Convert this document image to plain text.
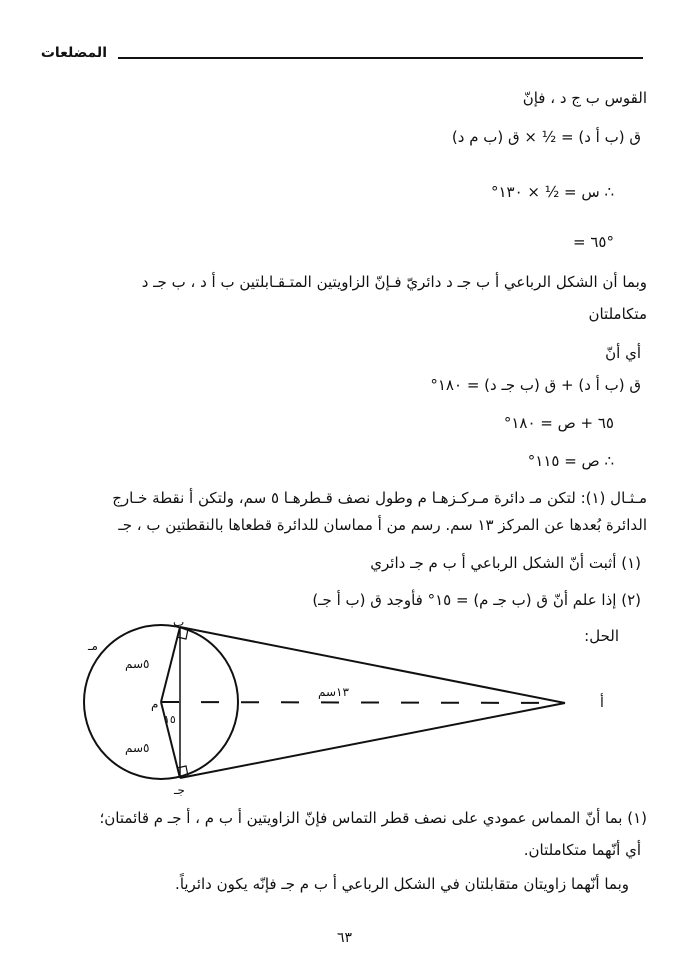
المضلعات
القوس ب ج د ، فإنّ
ق (ب أ د) = ½ × ق (ب م د)
∴ س = ½ × ١٣٠°
= ٦٥°
وبما أن الشكل الرباعي أ ب جـ د دائريّ فـإنّ الزاويتين المتـقـابلتين ب أ د ، ب جـ د
متكاملتان
أي أنّ
ق (ب أ د) + ق (ب جـ د) = ١٨٠°
٦٥ + ص = ١٨٠°
∴ ص = ١١٥°
مـثـال (١): لتكن مـ دائرة مـركـزهـا م وطول نصف قـطرهـا ٥ سم، ولتكن أ نقطة خـارج
الدائرة بُعدها عن المركز ١٣ سم. رسم من أ مماسان للدائرة قطعاها بالنقطتين ب ، جـ
(١) أثبت أنّ الشكل الرباعي أ ب م جـ دائري
(٢) إذا علم أنّ ق (ب جـ م) = ١٥° فأوجد ق (ب أ جـ)
الحل:
ب
جـ
م
مـ
أ
٥سم
٥سم
١٣سم
١٥
(١) بما أنّ المماس عمودي على نصف قطر التماس فإنّ الزاويتين أ ب م ، أ جـ م قائمتان؛
أي أنّهما متكاملتان.
وبما أنّهما زاويتان متقابلتان في الشكل الرباعي أ ب م جـ فإنّه يكون دائرياً.
٦٣
